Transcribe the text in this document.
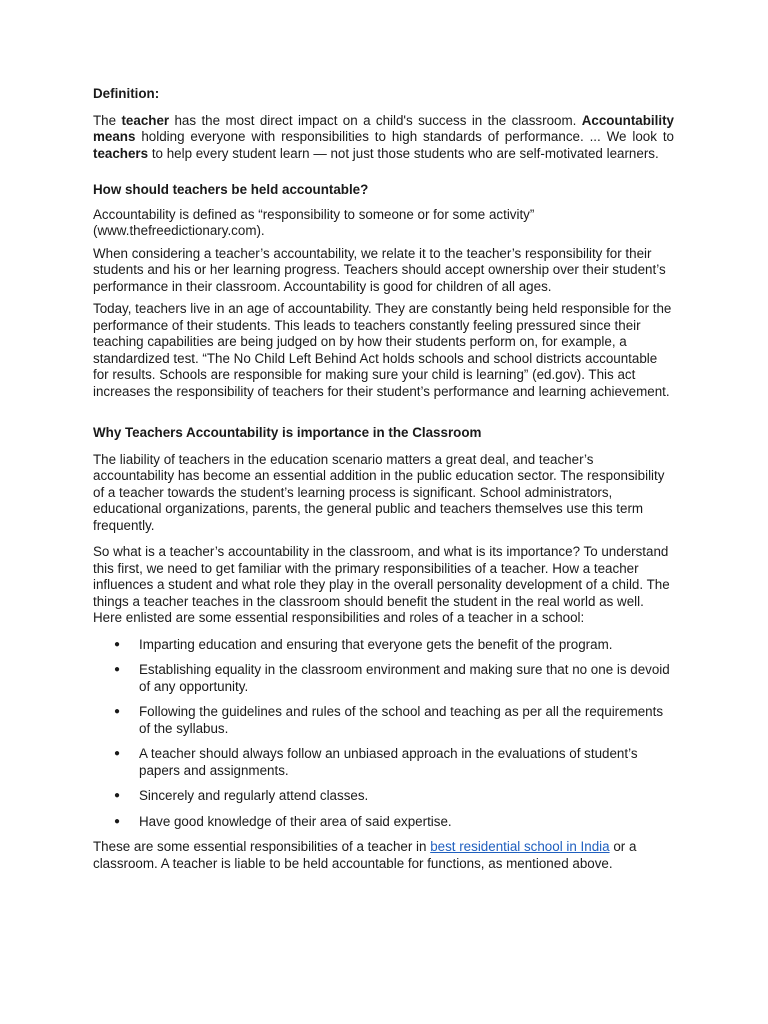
Definition:

The teacher has the most direct impact on a child's success in the classroom. Accountability means holding everyone with responsibilities to high standards of performance. ... We look to teachers to help every student learn — not just those students who are self-motivated learners.

How should teachers be held accountable?

Accountability is defined as “responsibility to someone or for some activity” (www.thefreedictionary.com).

When considering a teacher’s accountability, we relate it to the teacher’s responsibility for their students and his or her learning progress. Teachers should accept ownership over their student’s performance in their classroom. Accountability is good for children of all ages.

Today, teachers live in an age of accountability. They are constantly being held responsible for the performance of their students. This leads to teachers constantly feeling pressured since their teaching capabilities are being judged on by how their students perform on, for example, a standardized test. “The No Child Left Behind Act holds schools and school districts accountable for results. Schools are responsible for making sure your child is learning” (ed.gov). This act increases the responsibility of teachers for their student’s performance and learning achievement.

Why Teachers Accountability is importance in the Classroom

The liability of teachers in the education scenario matters a great deal, and teacher’s accountability has become an essential addition in the public education sector. The responsibility of a teacher towards the student’s learning process is significant. School administrators, educational organizations, parents, the general public and teachers themselves use this term frequently.

So what is a teacher’s accountability in the classroom, and what is its importance? To understand this first, we need to get familiar with the primary responsibilities of a teacher. How a teacher influences a student and what role they play in the overall personality development of a child. The things a teacher teaches in the classroom should benefit the student in the real world as well. Here enlisted are some essential responsibilities and roles of a teacher in a school:

● Imparting education and ensuring that everyone gets the benefit of the program.
● Establishing equality in the classroom environment and making sure that no one is devoid of any opportunity.
● Following the guidelines and rules of the school and teaching as per all the requirements of the syllabus.
● A teacher should always follow an unbiased approach in the evaluations of student’s papers and assignments.
● Sincerely and regularly attend classes.
● Have good knowledge of their area of said expertise.

These are some essential responsibilities of a teacher in best residential school in India or a classroom. A teacher is liable to be held accountable for functions, as mentioned above.
